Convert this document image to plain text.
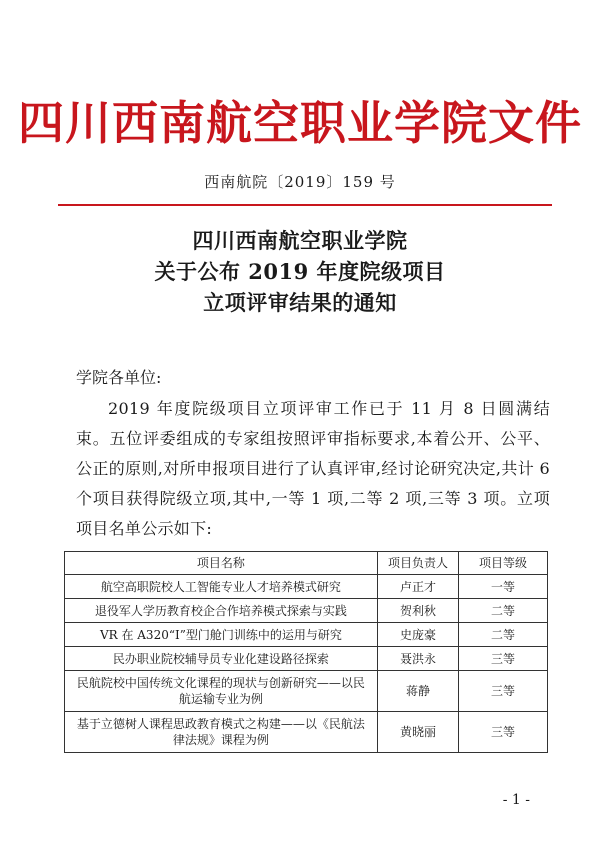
四川西南航空职业学院文件
西南航院〔2019〕159 号
四川西南航空职业学院
关于公布 2019 年度院级项目
立项评审结果的通知
学院各单位:
2019 年度院级项目立项评审工作已于 11 月 8 日圆满结束。五位评委组成的专家组按照评审指标要求,本着公开、公平、公正的原则,对所申报项目进行了认真评审,经讨论研究决定,共计 6 个项目获得院级立项,其中,一等 1 项,二等 2 项,三等 3 项。立项项目名单公示如下:
项目名称	项目负责人	项目等级
航空高职院校人工智能专业人才培养模式研究	卢正才	一等
退役军人学历教育校企合作培养模式探索与实践	贺利秋	二等
VR 在 A320“I”型门舱门训练中的运用与研究	史庞豪	二等
民办职业院校辅导员专业化建设路径探索	聂洪永	三等
民航院校中国传统文化课程的现状与创新研究——以民航运输专业为例	蒋静	三等
基于立德树人课程思政教育模式之构建——以《民航法律法规》课程为例	黄晓丽	三等
- 1 -
